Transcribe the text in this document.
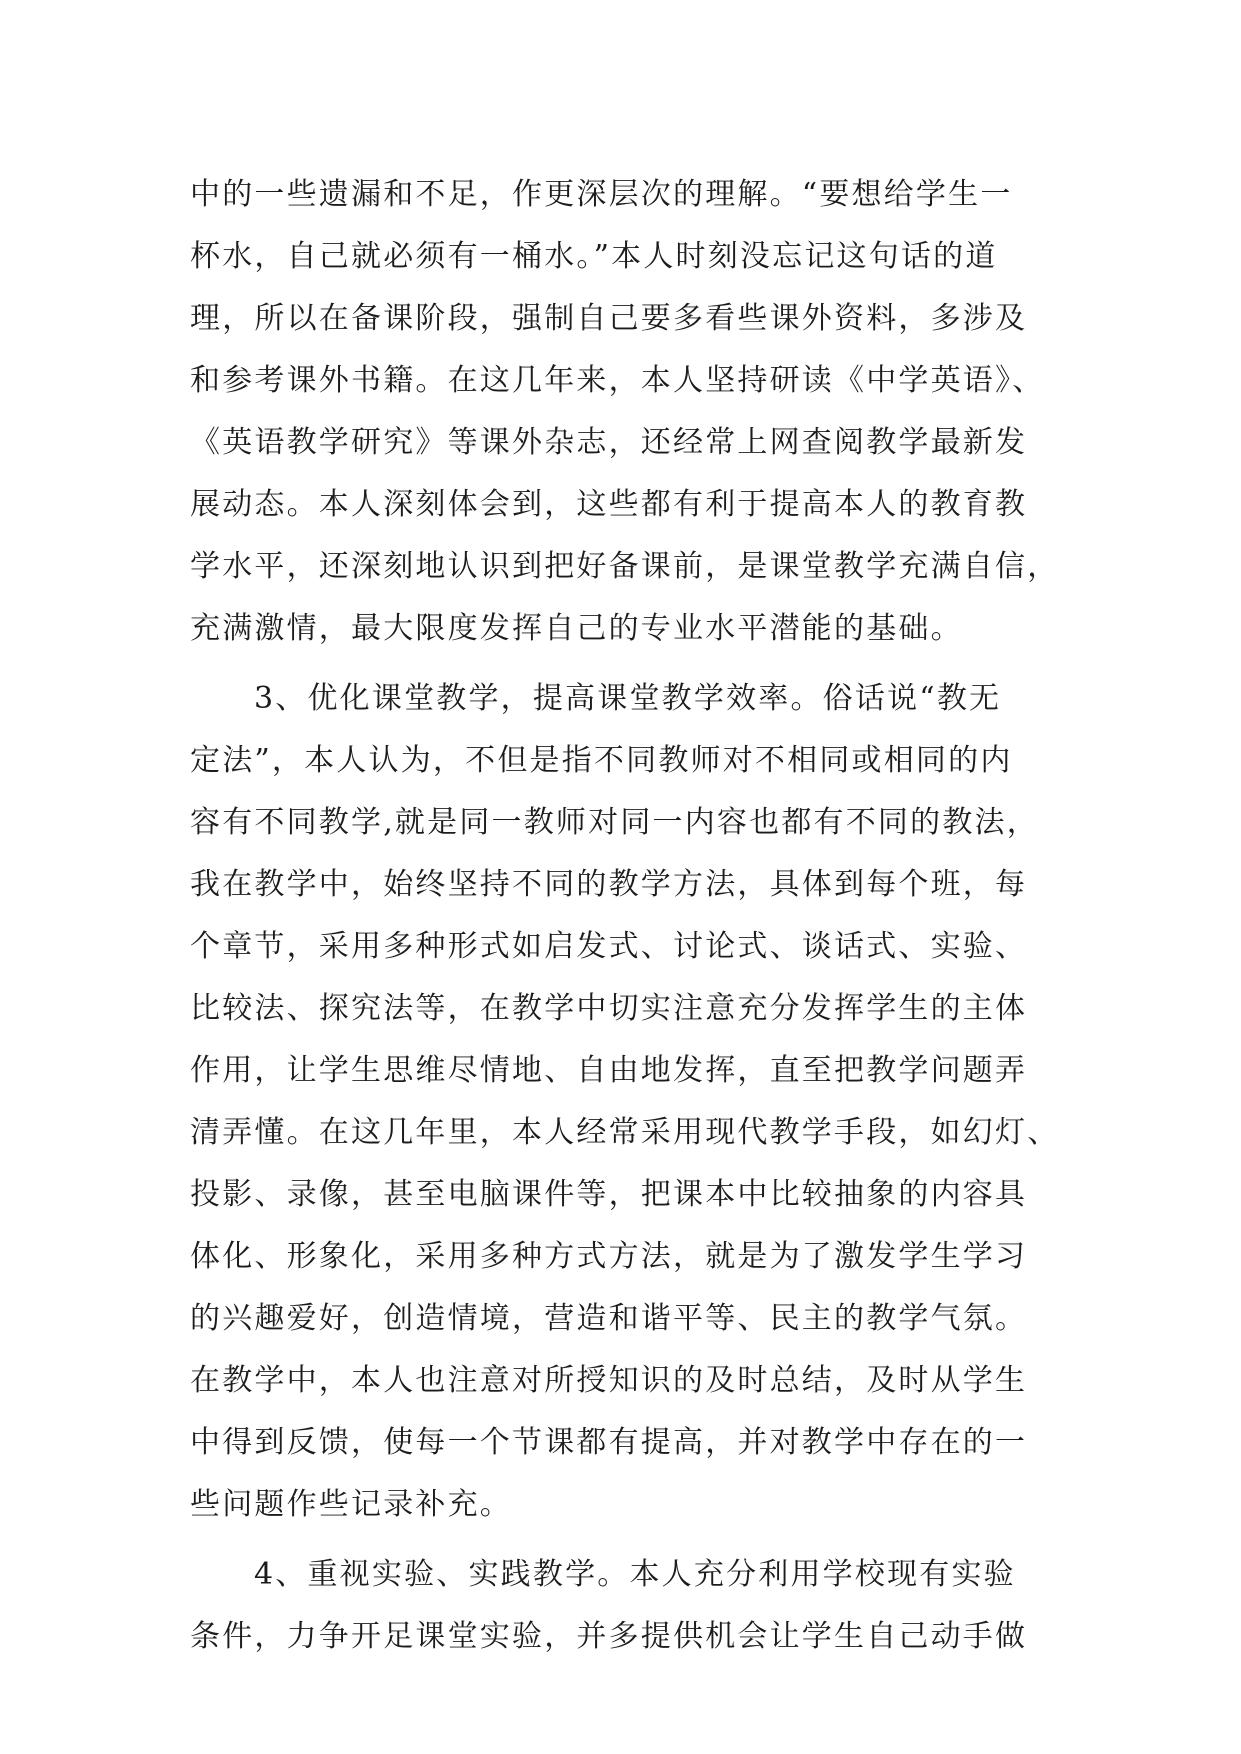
中的一些遗漏和不足，作更深层次的理解。“要想给学生一
杯水，自己就必须有一桶水。”本人时刻没忘记这句话的道
理，所以在备课阶段，强制自己要多看些课外资料，多涉及
和参考课外书籍。在这几年来，本人坚持研读《中学英语》、
《英语教学研究》等课外杂志，还经常上网查阅教学最新发
展动态。本人深刻体会到，这些都有利于提高本人的教育教
学水平，还深刻地认识到把好备课前，是课堂教学充满自信，
充满激情，最大限度发挥自己的专业水平潜能的基础。
3、优化课堂教学，提高课堂教学效率。俗话说“教无
定法”，本人认为，不但是指不同教师对不相同或相同的内
容有不同教学,就是同一教师对同一内容也都有不同的教法，
我在教学中，始终坚持不同的教学方法，具体到每个班，每
个章节，采用多种形式如启发式、讨论式、谈话式、实验、
比较法、探究法等，在教学中切实注意充分发挥学生的主体
作用，让学生思维尽情地、自由地发挥，直至把教学问题弄
清弄懂。在这几年里，本人经常采用现代教学手段，如幻灯、
投影、录像，甚至电脑课件等，把课本中比较抽象的内容具
体化、形象化，采用多种方式方法，就是为了激发学生学习
的兴趣爱好，创造情境，营造和谐平等、民主的教学气氛。
在教学中，本人也注意对所授知识的及时总结，及时从学生
中得到反馈，使每一个节课都有提高，并对教学中存在的一
些问题作些记录补充。
4、重视实验、实践教学。本人充分利用学校现有实验
条件，力争开足课堂实验，并多提供机会让学生自己动手做
